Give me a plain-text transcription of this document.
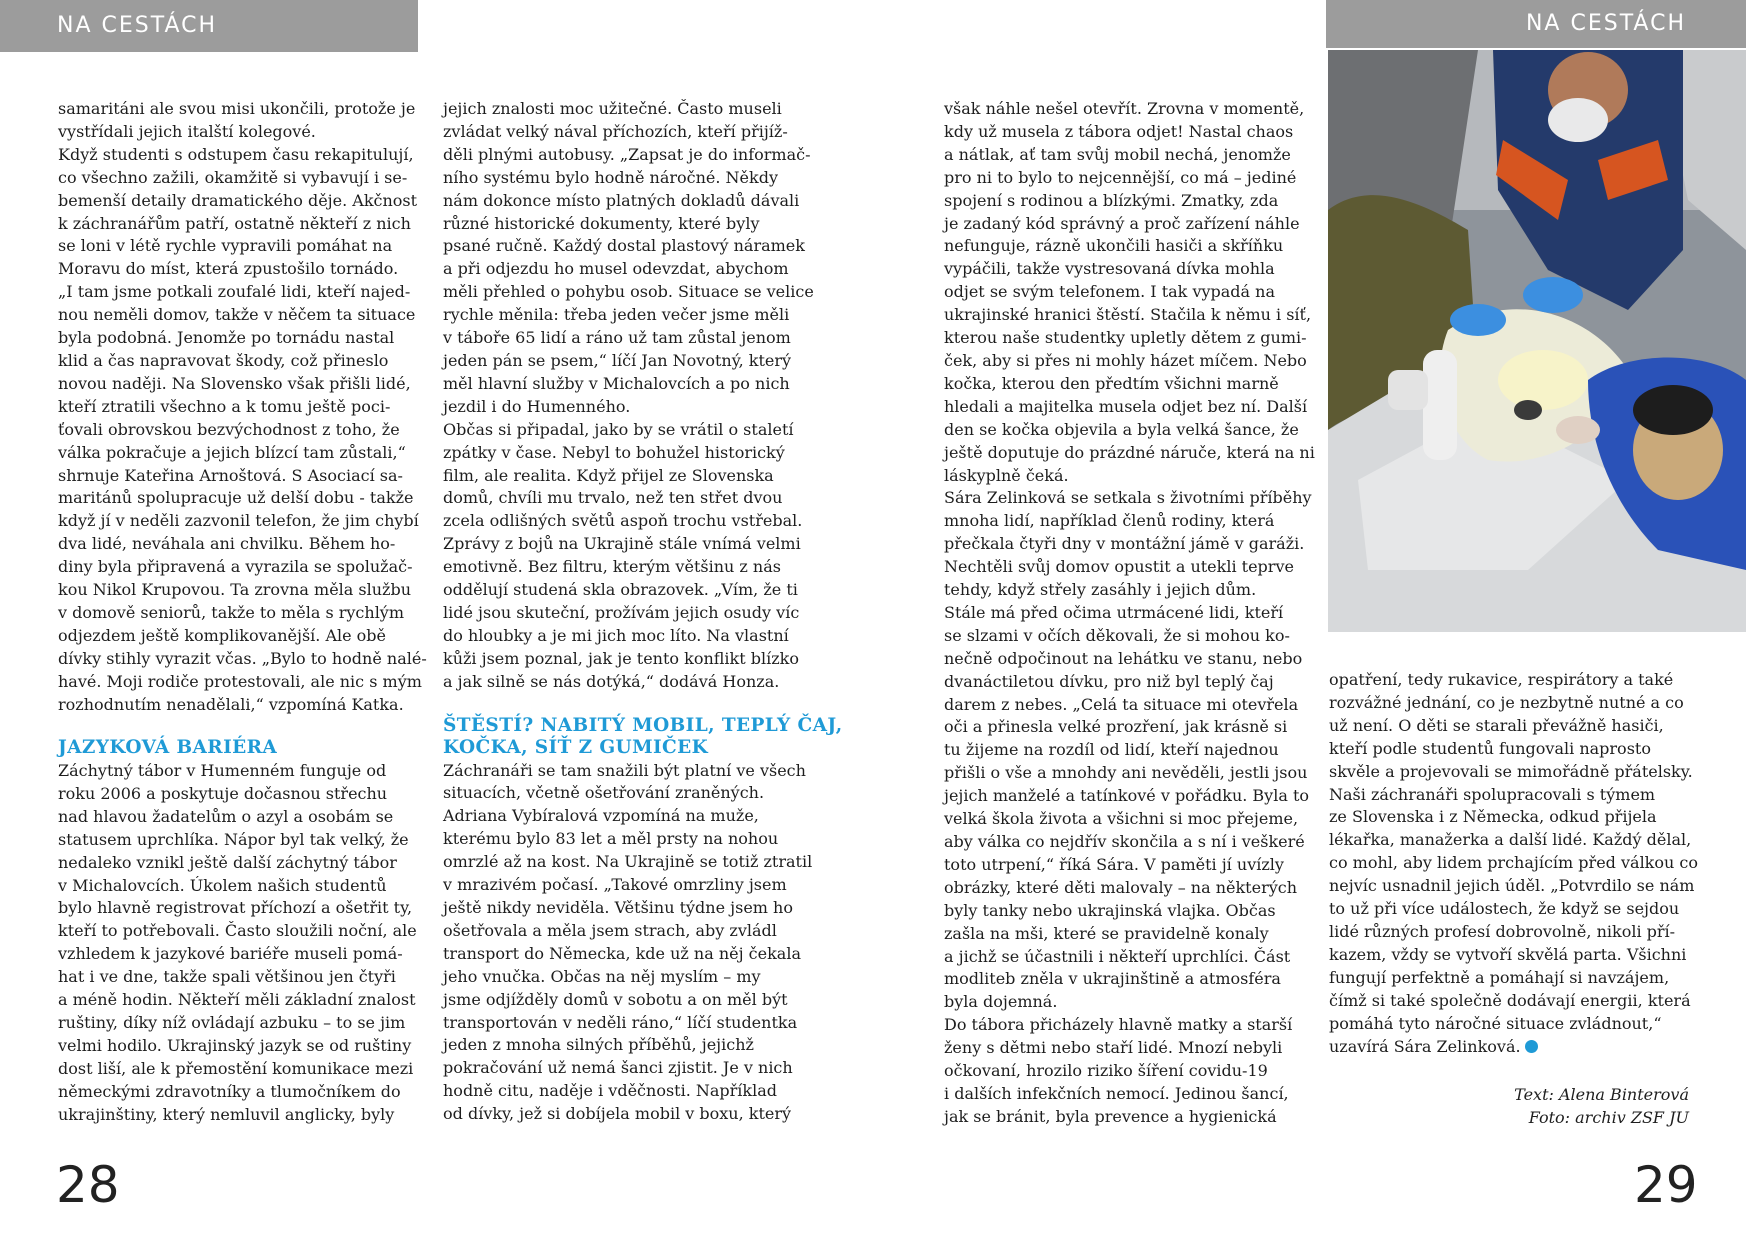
NA CESTÁCH	NA CESTÁCH

samaritáni ale svou misi ukončili, protože je

vystřídali jejich italští kolegové.

Když studenti s odstupem času rekapitulují,

co všechno zažili, okamžitě si vybavují i se-

bemenší detaily dramatického děje. Akčnost

k záchranářům patří, ostatně někteří z nich

se loni v létě rychle vypravili pomáhat na

Moravu do míst, která zpustošilo tornádo.

„I tam jsme potkali zoufalé lidi, kteří najed-

nou neměli domov, takže v něčem ta situace

byla podobná. Jenomže po tornádu nastal

klid a čas napravovat škody, což přineslo

novou naději. Na Slovensko však přišli lidé,

kteří ztratili všechno a k tomu ještě poci-

ťovali obrovskou bezvýchodnost z toho, že

válka pokračuje a jejich blízcí tam zůstali,“

shrnuje Kateřina Arnoštová. S Asociací sa-

maritánů spolupracuje už delší dobu - takže

když jí v neděli zazvonil telefon, že jim chybí

dva lidé, neváhala ani chvilku. Během ho-

diny byla připravená a vyrazila se spolužač-

kou Nikol Krupovou. Ta zrovna měla službu

v domově seniorů, takže to měla s rychlým

odjezdem ještě komplikovanější. Ale obě

dívky stihly vyrazit včas. „Bylo to hodně nalé-

havé. Moji rodiče protestovali, ale nic s mým

rozhodnutím nenadělali,“ vzpomíná Katka.

JAZYKOVÁ BARIÉRA

Záchytný tábor v Humenném funguje od

roku 2006 a poskytuje dočasnou střechu

nad hlavou žadatelům o azyl a osobám se

statusem uprchlíka. Nápor byl tak velký, že

nedaleko vznikl ještě další záchytný tábor

v Michalovcích. Úkolem našich studentů

bylo hlavně registrovat příchozí a ošetřit ty,

kteří to potřebovali. Často sloužili noční, ale

vzhledem k jazykové bariéře museli pomá-

hat i ve dne, takže spali většinou jen čtyři

a méně hodin. Někteří měli základní znalost

ruštiny, díky níž ovládají azbuku – to se jim

velmi hodilo. Ukrajinský jazyk se od ruštiny

dost liší, ale k přemostění komunikace mezi

německými zdravotníky a tlumočníkem do

ukrajinštiny, který nemluvil anglicky, byly

jejich znalosti moc užitečné. Často museli

zvládat velký nával příchozích, kteří přijíž-

děli plnými autobusy. „Zapsat je do informač-

ního systému bylo hodně náročné. Někdy

nám dokonce místo platných dokladů dávali

různé historické dokumenty, které byly

psané ručně. Každý dostal plastový náramek

a při odjezdu ho musel odevzdat, abychom

měli přehled o pohybu osob. Situace se velice

rychle měnila: třeba jeden večer jsme měli

v táboře 65 lidí a ráno už tam zůstal jenom

jeden pán se psem,“ líčí Jan Novotný, který

měl hlavní služby v Michalovcích a po nich

jezdil i do Humenného.

Občas si připadal, jako by se vrátil o staletí

zpátky v čase. Nebyl to bohužel historický

film, ale realita. Když přijel ze Slovenska

domů, chvíli mu trvalo, než ten střet dvou

zcela odlišných světů aspoň trochu vstřebal.

Zprávy z bojů na Ukrajině stále vnímá velmi

emotivně. Bez filtru, kterým většinu z nás

oddělují studená skla obrazovek. „Vím, že ti

lidé jsou skuteční, prožívám jejich osudy víc

do hloubky a je mi jich moc líto. Na vlastní

kůži jsem poznal, jak je tento konflikt blízko

a jak silně se nás dotýká,“ dodává Honza.

ŠTĚSTÍ? NABITÝ MOBIL, TEPLÝ ČAJ,

KOČKA, SÍŤ Z GUMIČEK

Záchranáři se tam snažili být platní ve všech

situacích, včetně ošetřování zraněných.

Adriana Vybíralová vzpomíná na muže,

kterému bylo 83 let a měl prsty na nohou

omrzlé až na kost. Na Ukrajině se totiž ztratil

v mrazivém počasí. „Takové omrzliny jsem

ještě nikdy neviděla. Většinu týdne jsem ho

ošetřovala a měla jsem strach, aby zvládl

transport do Německa, kde už na něj čekala

jeho vnučka. Občas na něj myslím – my

jsme odjížděly domů v sobotu a on měl být

transportován v neděli ráno,“ líčí studentka

jeden z mnoha silných příběhů, jejichž

pokračování už nemá šanci zjistit. Je v nich

hodně citu, naděje i vděčnosti. Například

od dívky, jež si dobíjela mobil v boxu, který

však náhle nešel otevřít. Zrovna v momentě,

kdy už musela z tábora odjet! Nastal chaos

a nátlak, ať tam svůj mobil nechá, jenomže

pro ni to bylo to nejcennější, co má – jediné

spojení s rodinou a blízkými. Zmatky, zda

je zadaný kód správný a proč zařízení náhle

nefunguje, rázně ukončili hasiči a skříňku

vypáčili, takže vystresovaná dívka mohla

odjet se svým telefonem. I tak vypadá na

ukrajinské hranici štěstí. Stačila k němu i síť,

kterou naše studentky upletly dětem z gumi-

ček, aby si přes ni mohly házet míčem. Nebo

kočka, kterou den předtím všichni marně

hledali a majitelka musela odjet bez ní. Další

den se kočka objevila a byla velká šance, že

ještě doputuje do prázdné náruče, která na ni

láskyplně čeká.

Sára Zelinková se setkala s životními příběhy

mnoha lidí, například členů rodiny, která

přečkala čtyři dny v montážní jámě v garáži.

Nechtěli svůj domov opustit a utekli teprve

tehdy, když střely zasáhly i jejich dům.

Stále má před očima utrmácené lidi, kteří

se slzami v očích děkovali, že si mohou ko-

nečně odpočinout na lehátku ve stanu, nebo

dvanáctiletou dívku, pro niž byl teplý čaj

darem z nebes. „Celá ta situace mi otevřela

oči a přinesla velké prozření, jak krásně si

tu žijeme na rozdíl od lidí, kteří najednou

přišli o vše a mnohdy ani nevěděli, jestli jsou

jejich manželé a tatínkové v pořádku. Byla to

velká škola života a všichni si moc přejeme,

aby válka co nejdřív skončila a s ní i veškeré

toto utrpení,“ říká Sára. V paměti jí uvízly

obrázky, které děti malovaly – na některých

byly tanky nebo ukrajinská vlajka. Občas

zašla na mši, které se pravidelně konaly

a jichž se účastnili i někteří uprchlíci. Část

modliteb zněla v ukrajinštině a atmosféra

byla dojemná.

Do tábora přicházely hlavně matky a starší

ženy s dětmi nebo staří lidé. Mnozí nebyli

očkovaní, hrozilo riziko šíření covidu-19

i dalších infekčních nemocí. Jedinou šancí,

jak se bránit, byla prevence a hygienická

opatření, tedy rukavice, respirátory a také

rozvážné jednání, co je nezbytně nutné a co

už není. O děti se starali převážně hasiči,

kteří podle studentů fungovali naprosto

skvěle a projevovali se mimořádně přátelsky.

Naši záchranáři spolupracovali s týmem

ze Slovenska i z Německa, odkud přijela

lékařka, manažerka a další lidé. Každý dělal,

co mohl, aby lidem prchajícím před válkou co

nejvíc usnadnil jejich úděl. „Potvrdilo se nám

to už při více událostech, že když se sejdou

lidé různých profesí dobrovolně, nikoli pří-

kazem, vždy se vytvoří skvělá parta. Všichni

fungují perfektně a pomáhají si navzájem,

čímž si také společně dodávají energii, která

pomáhá tyto náročné situace zvládnout,“

uzavírá Sára Zelinková.

Text: Alena Binterová
Foto: archiv ZSF JU
28	29
